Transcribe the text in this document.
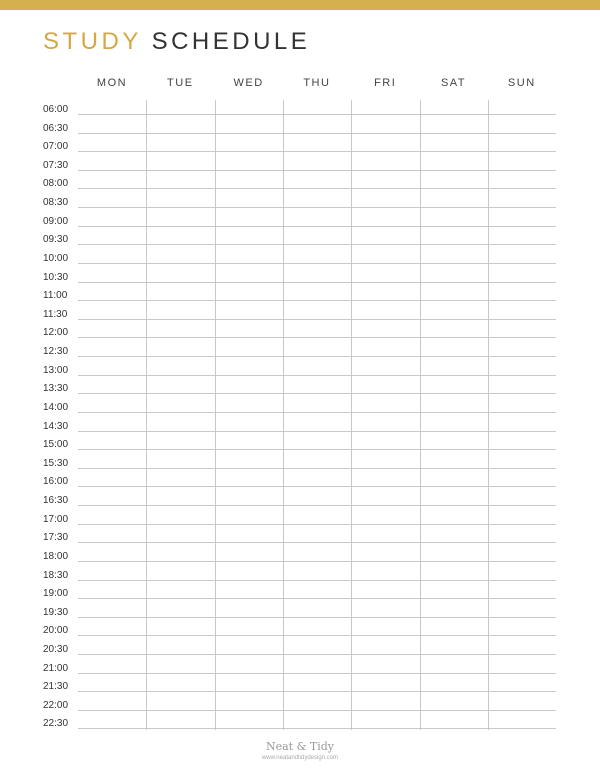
STUDY SCHEDULE
MON	TUE	WED	THU	FRI	SAT	SUN
06:00
06:30
07:00
07:30
08:00
08:30
09:00
09:30
10:00
10:30
11:00
11:30
12:00
12:30
13:00
13:30
14:00
14:30
15:00
15:30
16:00
16:30
17:00
17:30
18:00
18:30
19:00
19:30
20:00
20:30
21:00
21:30
22:00
22:30
Neat & Tidy
www.neatandtidydesign.com
